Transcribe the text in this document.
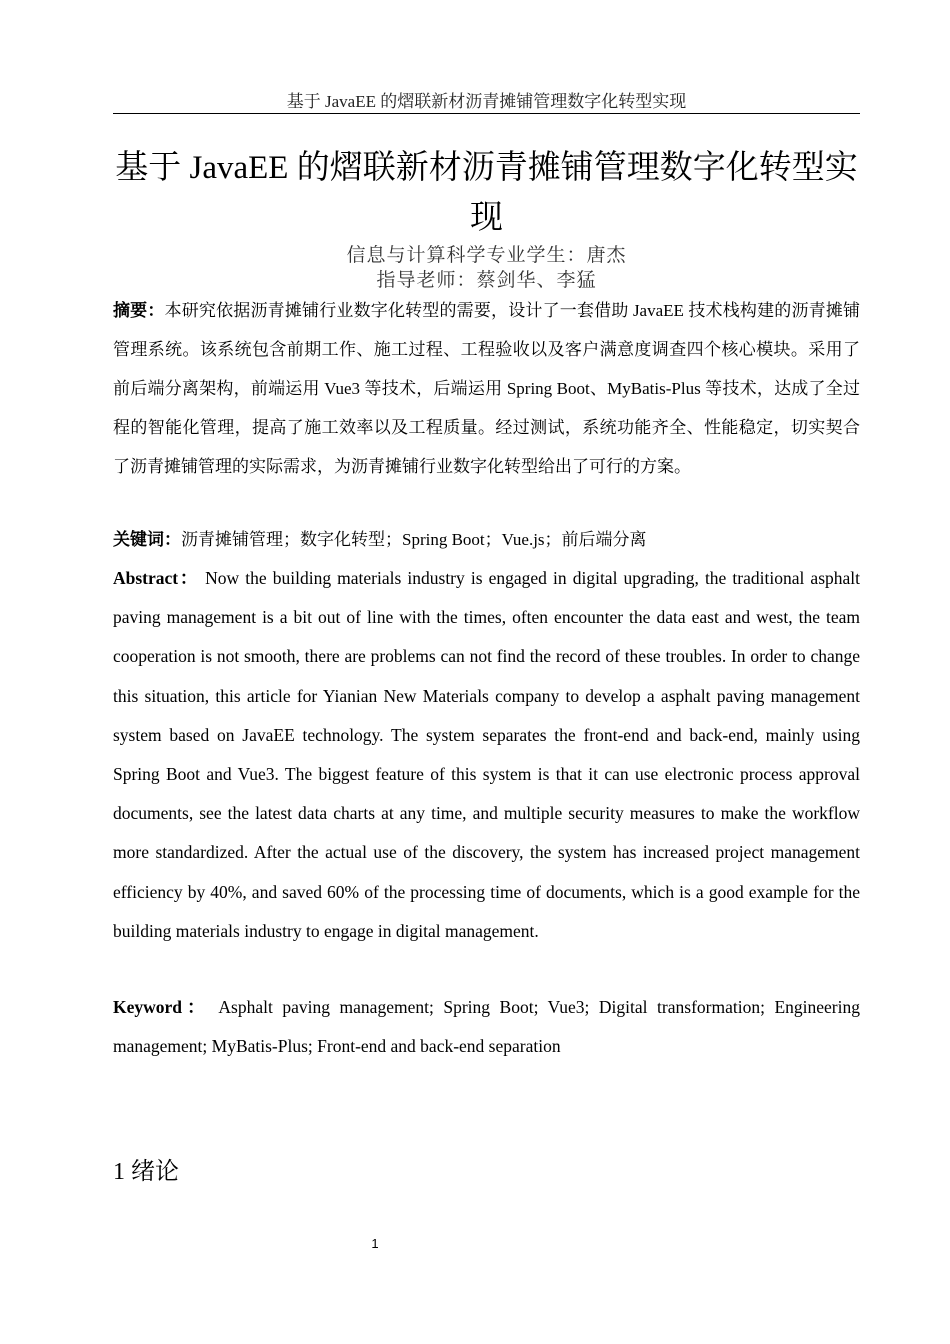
基于 JavaEE 的熠联新材沥青摊铺管理数字化转型实现
基于 JavaEE 的熠联新材沥青摊铺管理数字化转型实现
信息与计算科学专业学生：唐杰
指导老师：蔡剑华、李猛

摘要：本研究依据沥青摊铺行业数字化转型的需要，设计了一套借助 JavaEE 技术栈构建的沥青摊铺管理系统。该系统包含前期工作、施工过程、工程验收以及客户满意度调查四个核心模块。采用了前后端分离架构，前端运用 Vue3 等技术，后端运用 Spring Boot、MyBatis-Plus 等技术，达成了全过程的智能化管理，提高了施工效率以及工程质量。经过测试，系统功能齐全、性能稳定，切实契合了沥青摊铺管理的实际需求，为沥青摊铺行业数字化转型给出了可行的方案。

关键词：沥青摊铺管理；数字化转型；Spring Boot；Vue.js；前后端分离

Abstract： Now the building materials industry is engaged in digital upgrading, the traditional asphalt paving management is a bit out of line with the times, often encounter the data east and west, the team cooperation is not smooth, there are problems can not find the record of these troubles. In order to change this situation, this article for Yianian New Materials company to develop a asphalt paving management system based on JavaEE technology. The system separates the front-end and back-end, mainly using Spring Boot and Vue3. The biggest feature of this system is that it can use electronic process approval documents, see the latest data charts at any time, and multiple security measures to make the workflow more standardized. After the actual use of the discovery, the system has increased project management efficiency by 40%, and saved 60% of the processing time of documents, which is a good example for the building materials industry to engage in digital management.

Keyword： Asphalt paving management; Spring Boot; Vue3; Digital transformation; Engineering management; MyBatis-Plus; Front-end and back-end separation

1 绪论
1
